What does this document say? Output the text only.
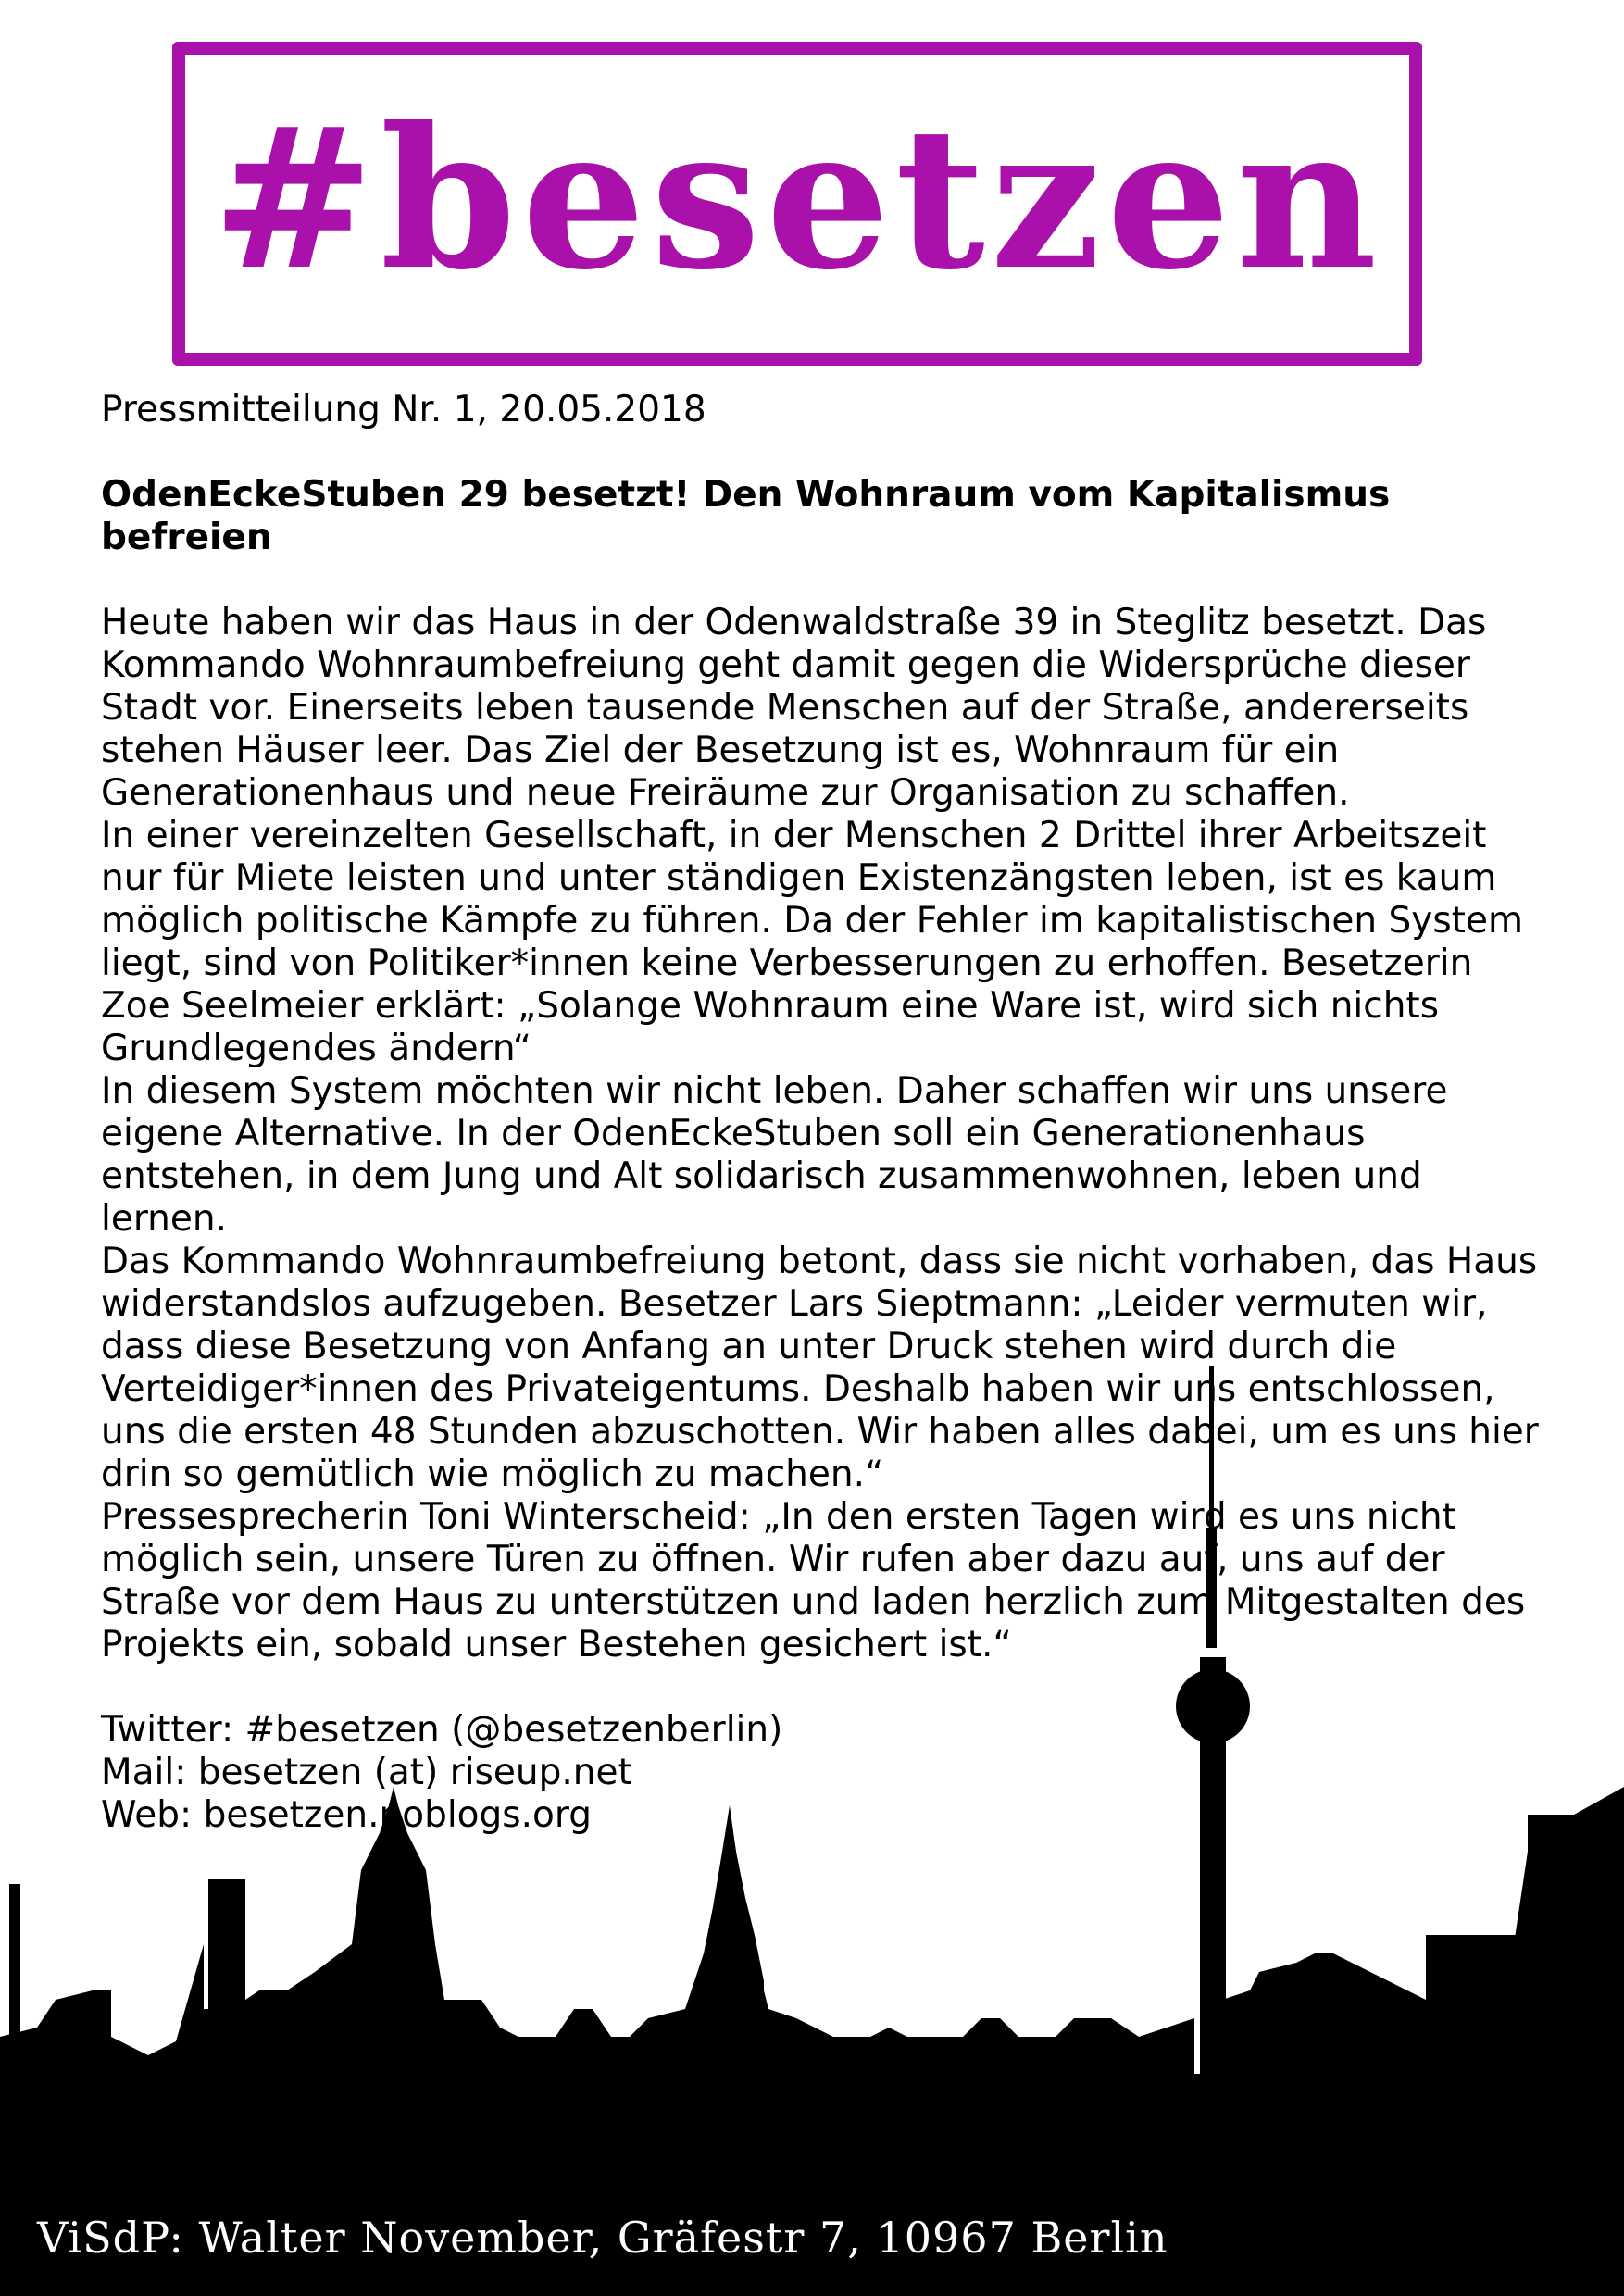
#besetzen

Pressmitteilung Nr. 1, 20.05.2018

OdenEckeStuben 29 besetzt! Den Wohnraum vom Kapitalismus befreien

Heute haben wir das Haus in der Odenwaldstraße 39 in Steglitz besetzt. Das Kommando Wohnraumbefreiung geht damit gegen die Widersprüche dieser Stadt vor. Einerseits leben tausende Menschen auf der Straße, andererseits stehen Häuser leer. Das Ziel der Besetzung ist es, Wohnraum für ein Generationenhaus und neue Freiräume zur Organisation zu schaffen.

In einer vereinzelten Gesellschaft, in der Menschen 2 Drittel ihrer Arbeitszeit nur für Miete leisten und unter ständigen Existenzängsten leben, ist es kaum möglich politische Kämpfe zu führen. Da der Fehler im kapitalistischen System liegt, sind von Politiker*innen keine Verbesserungen zu erhoffen. Besetzerin Zoe Seelmeier erklärt: „Solange Wohnraum eine Ware ist, wird sich nichts Grundlegendes ändern“

In diesem System möchten wir nicht leben. Daher schaffen wir uns unsere eigene Alternative. In der OdenEckeStuben soll ein Generationenhaus entstehen, in dem Jung und Alt solidarisch zusammenwohnen, leben und lernen.

Das Kommando Wohnraumbefreiung betont, dass sie nicht vorhaben, das Haus widerstandslos aufzugeben. Besetzer Lars Sieptmann: „Leider vermuten wir, dass diese Besetzung von Anfang an unter Druck stehen wird durch die Verteidiger*innen des Privateigentums. Deshalb haben wir uns entschlossen, uns die ersten 48 Stunden abzuschotten. Wir haben alles dabei, um es uns hier drin so gemütlich wie möglich zu machen.“

Pressesprecherin Toni Winterscheid: „In den ersten Tagen wird es uns nicht möglich sein, unsere Türen zu öffnen. Wir rufen aber dazu auf, uns auf der Straße vor dem Haus zu unterstützen und laden herzlich zum Mitgestalten des Projekts ein, sobald unser Bestehen gesichert ist.“

Twitter: #besetzen (@besetzenberlin)

Mail: besetzen (at) riseup.net

Web: besetzen.noblogs.org

ViSdP: Walter November, Gräfestr 7, 10967 Berlin
